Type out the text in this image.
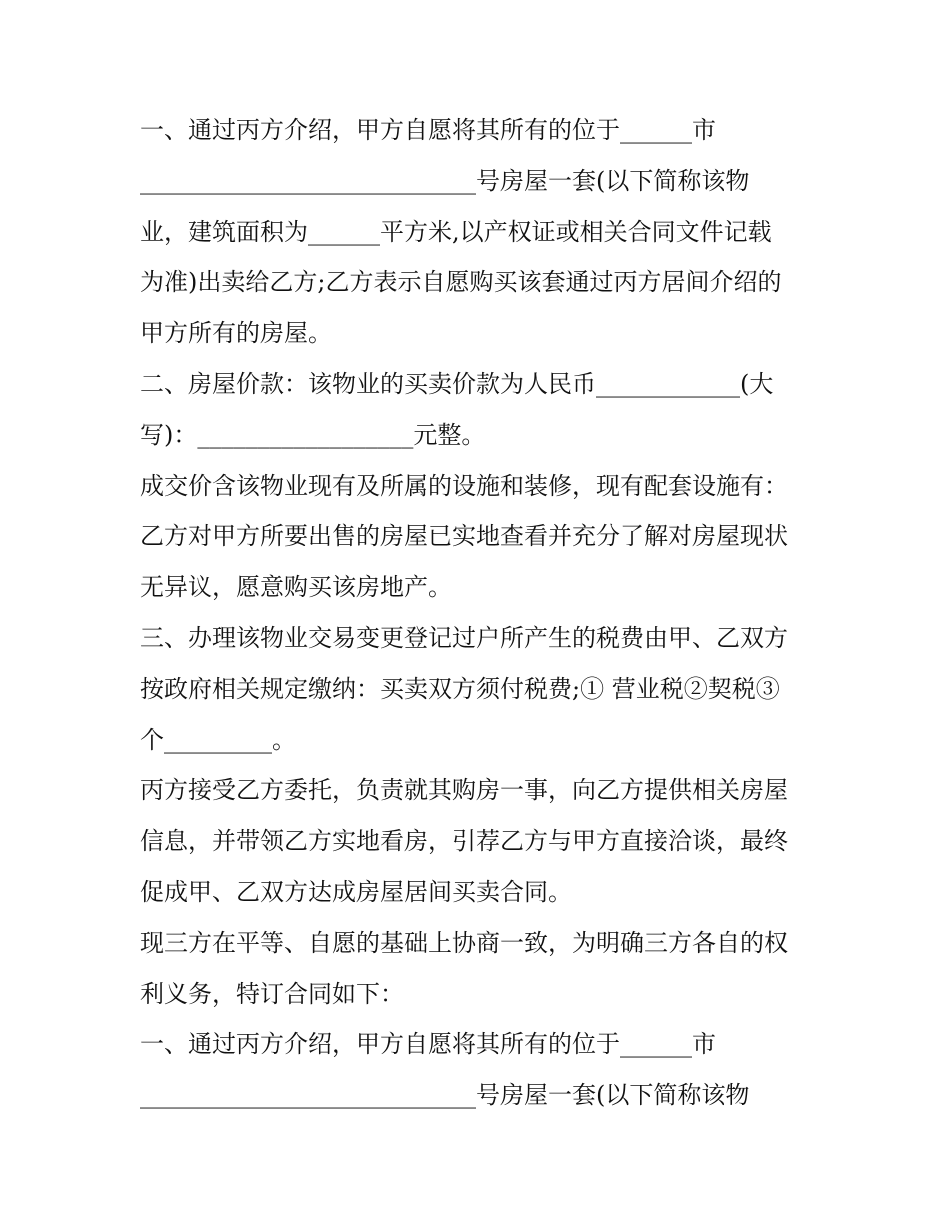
一、通过丙方介绍，甲方自愿将其所有的位于______市
____________________________号房屋一套(以下简称该物
业，建筑面积为______平方米,以产权证或相关合同文件记载
为准)出卖给乙方;乙方表示自愿购买该套通过丙方居间介绍的
甲方所有的房屋。
二、房屋价款：该物业的买卖价款为人民币____________(大
写)：__________________元整。
成交价含该物业现有及所属的设施和装修，现有配套设施有：
乙方对甲方所要出售的房屋已实地查看并充分了解对房屋现状
无异议，愿意购买该房地产。
三、办理该物业交易变更登记过户所产生的税费由甲、乙双方
按政府相关规定缴纳：买卖双方须付税费;① 营业税②契税③
个_________。
丙方接受乙方委托，负责就其购房一事，向乙方提供相关房屋
信息，并带领乙方实地看房，引荐乙方与甲方直接洽谈，最终
促成甲、乙双方达成房屋居间买卖合同。
现三方在平等、自愿的基础上协商一致，为明确三方各自的权
利义务，特订合同如下：
一、通过丙方介绍，甲方自愿将其所有的位于______市
____________________________号房屋一套(以下简称该物
